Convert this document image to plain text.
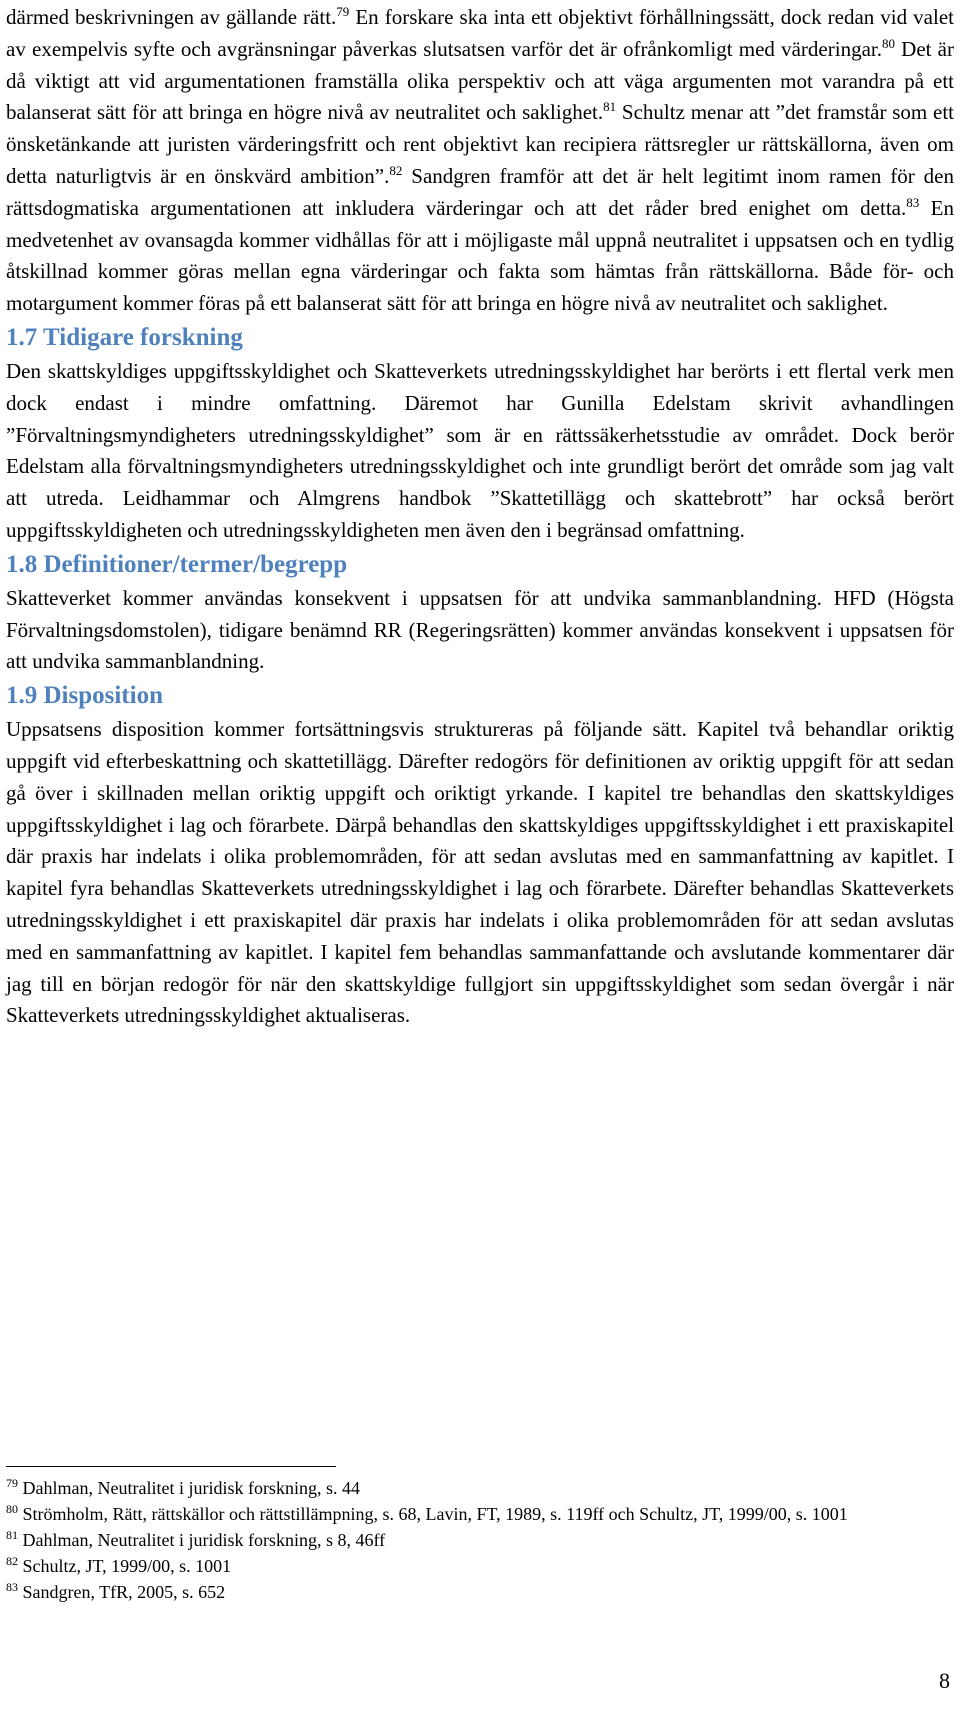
därmed beskrivningen av gällande rätt.$^{79}$ En forskare ska inta ett objektivt förhållningssätt, dock redan vid valet av exempelvis syfte och avgränsningar påverkas slutsatsen varför det är ofrånkomligt med värderingar.$^{80}$ Det är då viktigt att vid argumentationen framställa olika perspektiv och att väga argumenten mot varandra på ett balanserat sätt för att bringa en högre nivå av neutralitet och saklighet.$^{81}$ Schultz menar att ”det framstår som ett önsketänkande att juristen värderingsfritt och rent objektivt kan recipiera rättsregler ur rättskällorna, även om detta naturligtvis är en önskvärd ambition”.$^{82}$ Sandgren framför att det är helt legitimt inom ramen för den rättsdogmatiska argumentationen att inkludera värderingar och att det råder bred enighet om detta.$^{83}$ En medvetenhet av ovansagda kommer vidhållas för att i möjligaste mål uppnå neutralitet i uppsatsen och en tydlig åtskillnad kommer göras mellan egna värderingar och fakta som hämtas från rättskällorna. Både för- och motargument kommer föras på ett balanserat sätt för att bringa en högre nivå av neutralitet och saklighet.

1.7 Tidigare forskning

Den skattskyldiges uppgiftsskyldighet och Skatteverkets utredningsskyldighet har berörts i ett flertal verk men dock endast i mindre omfattning. Däremot har Gunilla Edelstam skrivit avhandlingen ”Förvaltningsmyndigheters utredningsskyldighet” som är en rättssäkerhetsstudie av området. Dock berör Edelstam alla förvaltningsmyndigheters utredningsskyldighet och inte grundligt berört det område som jag valt att utreda. Leidhammar och Almgrens handbok ”Skattetillägg och skattebrott” har också berört uppgiftsskyldigheten och utredningsskyldigheten men även den i begränsad omfattning.

1.8 Definitioner/termer/begrepp

Skatteverket kommer användas konsekvent i uppsatsen för att undvika sammanblandning. HFD (Högsta Förvaltningsdomstolen), tidigare benämnd RR (Regeringsrätten) kommer användas konsekvent i uppsatsen för att undvika sammanblandning.

1.9 Disposition

Uppsatsens disposition kommer fortsättningsvis struktureras på följande sätt. Kapitel två behandlar oriktig uppgift vid efterbeskattning och skattetillägg. Därefter redogörs för definitionen av oriktig uppgift för att sedan gå över i skillnaden mellan oriktig uppgift och oriktigt yrkande. I kapitel tre behandlas den skattskyldiges uppgiftsskyldighet i lag och förarbete. Därpå behandlas den skattskyldiges uppgiftsskyldighet i ett praxiskapitel där praxis har indelats i olika problemområden, för att sedan avslutas med en sammanfattning av kapitlet. I kapitel fyra behandlas Skatteverkets utredningsskyldighet i lag och förarbete. Därefter behandlas Skatteverkets utredningsskyldighet i ett praxiskapitel där praxis har indelats i olika problemområden för att sedan avslutas med en sammanfattning av kapitlet. I kapitel fem behandlas sammanfattande och avslutande kommentarer där jag till en början redogör för när den skattskyldige fullgjort sin uppgiftsskyldighet som sedan övergår i när Skatteverkets utredningsskyldighet aktualiseras.

$^{79}$ Dahlman, Neutralitet i juridisk forskning, s. 44

$^{80}$ Strömholm, Rätt, rättskällor och rättstillämpning, s. 68, Lavin, FT, 1989, s. 119ff och Schultz, JT, 1999/00, s. 1001

$^{81}$ Dahlman, Neutralitet i juridisk forskning, s 8, 46ff

$^{82}$ Schultz, JT, 1999/00, s. 1001

$^{83}$ Sandgren, TfR, 2005, s. 652

8
